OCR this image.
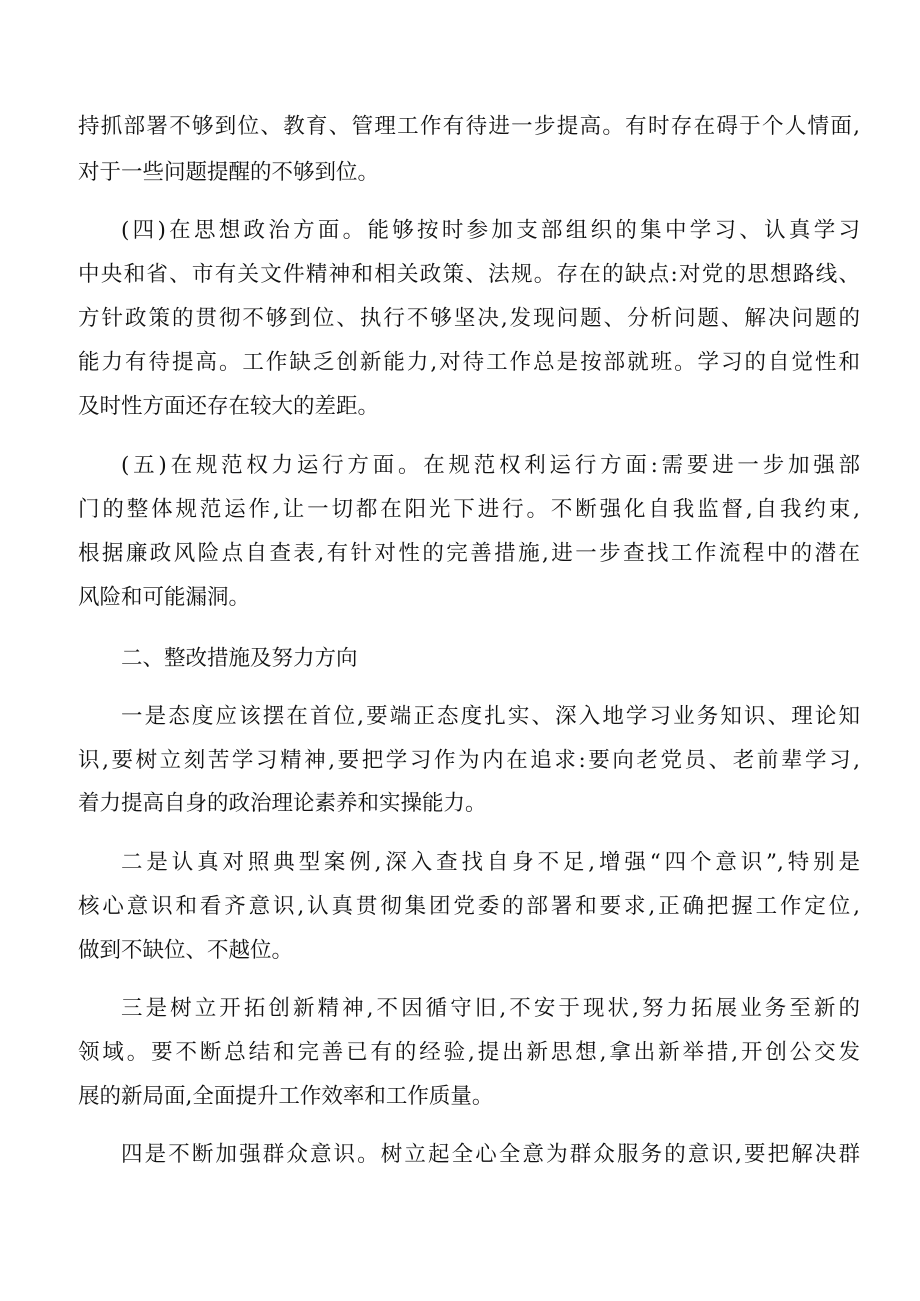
持抓部署不够到位、教育、管理工作有待进一步提高。有时存在碍于个人情面,
对于一些问题提醒的不够到位。
(四)在思想政治方面。能够按时参加支部组织的集中学习、认真学习
中央和省、市有关文件精神和相关政策、法规。存在的缺点:对党的思想路线、
方针政策的贯彻不够到位、执行不够坚决,发现问题、分析问题、解决问题的
能力有待提高。工作缺乏创新能力,对待工作总是按部就班。学习的自觉性和
及时性方面还存在较大的差距。
(五)在规范权力运行方面。在规范权利运行方面:需要进一步加强部
门的整体规范运作,让一切都在阳光下进行。不断强化自我监督,自我约束,
根据廉政风险点自查表,有针对性的完善措施,进一步查找工作流程中的潜在
风险和可能漏洞。
二、整改措施及努力方向
一是态度应该摆在首位,要端正态度扎实、深入地学习业务知识、理论知
识,要树立刻苦学习精神,要把学习作为内在追求:要向老党员、老前辈学习,
着力提高自身的政治理论素养和实操能力。
二是认真对照典型案例,深入查找自身不足,增强“四个意识”,特别是
核心意识和看齐意识,认真贯彻集团党委的部署和要求,正确把握工作定位,
做到不缺位、不越位。
三是树立开拓创新精神,不因循守旧,不安于现状,努力拓展业务至新的
领域。要不断总结和完善已有的经验,提出新思想,拿出新举措,开创公交发
展的新局面,全面提升工作效率和工作质量。
四是不断加强群众意识。树立起全心全意为群众服务的意识,要把解决群
